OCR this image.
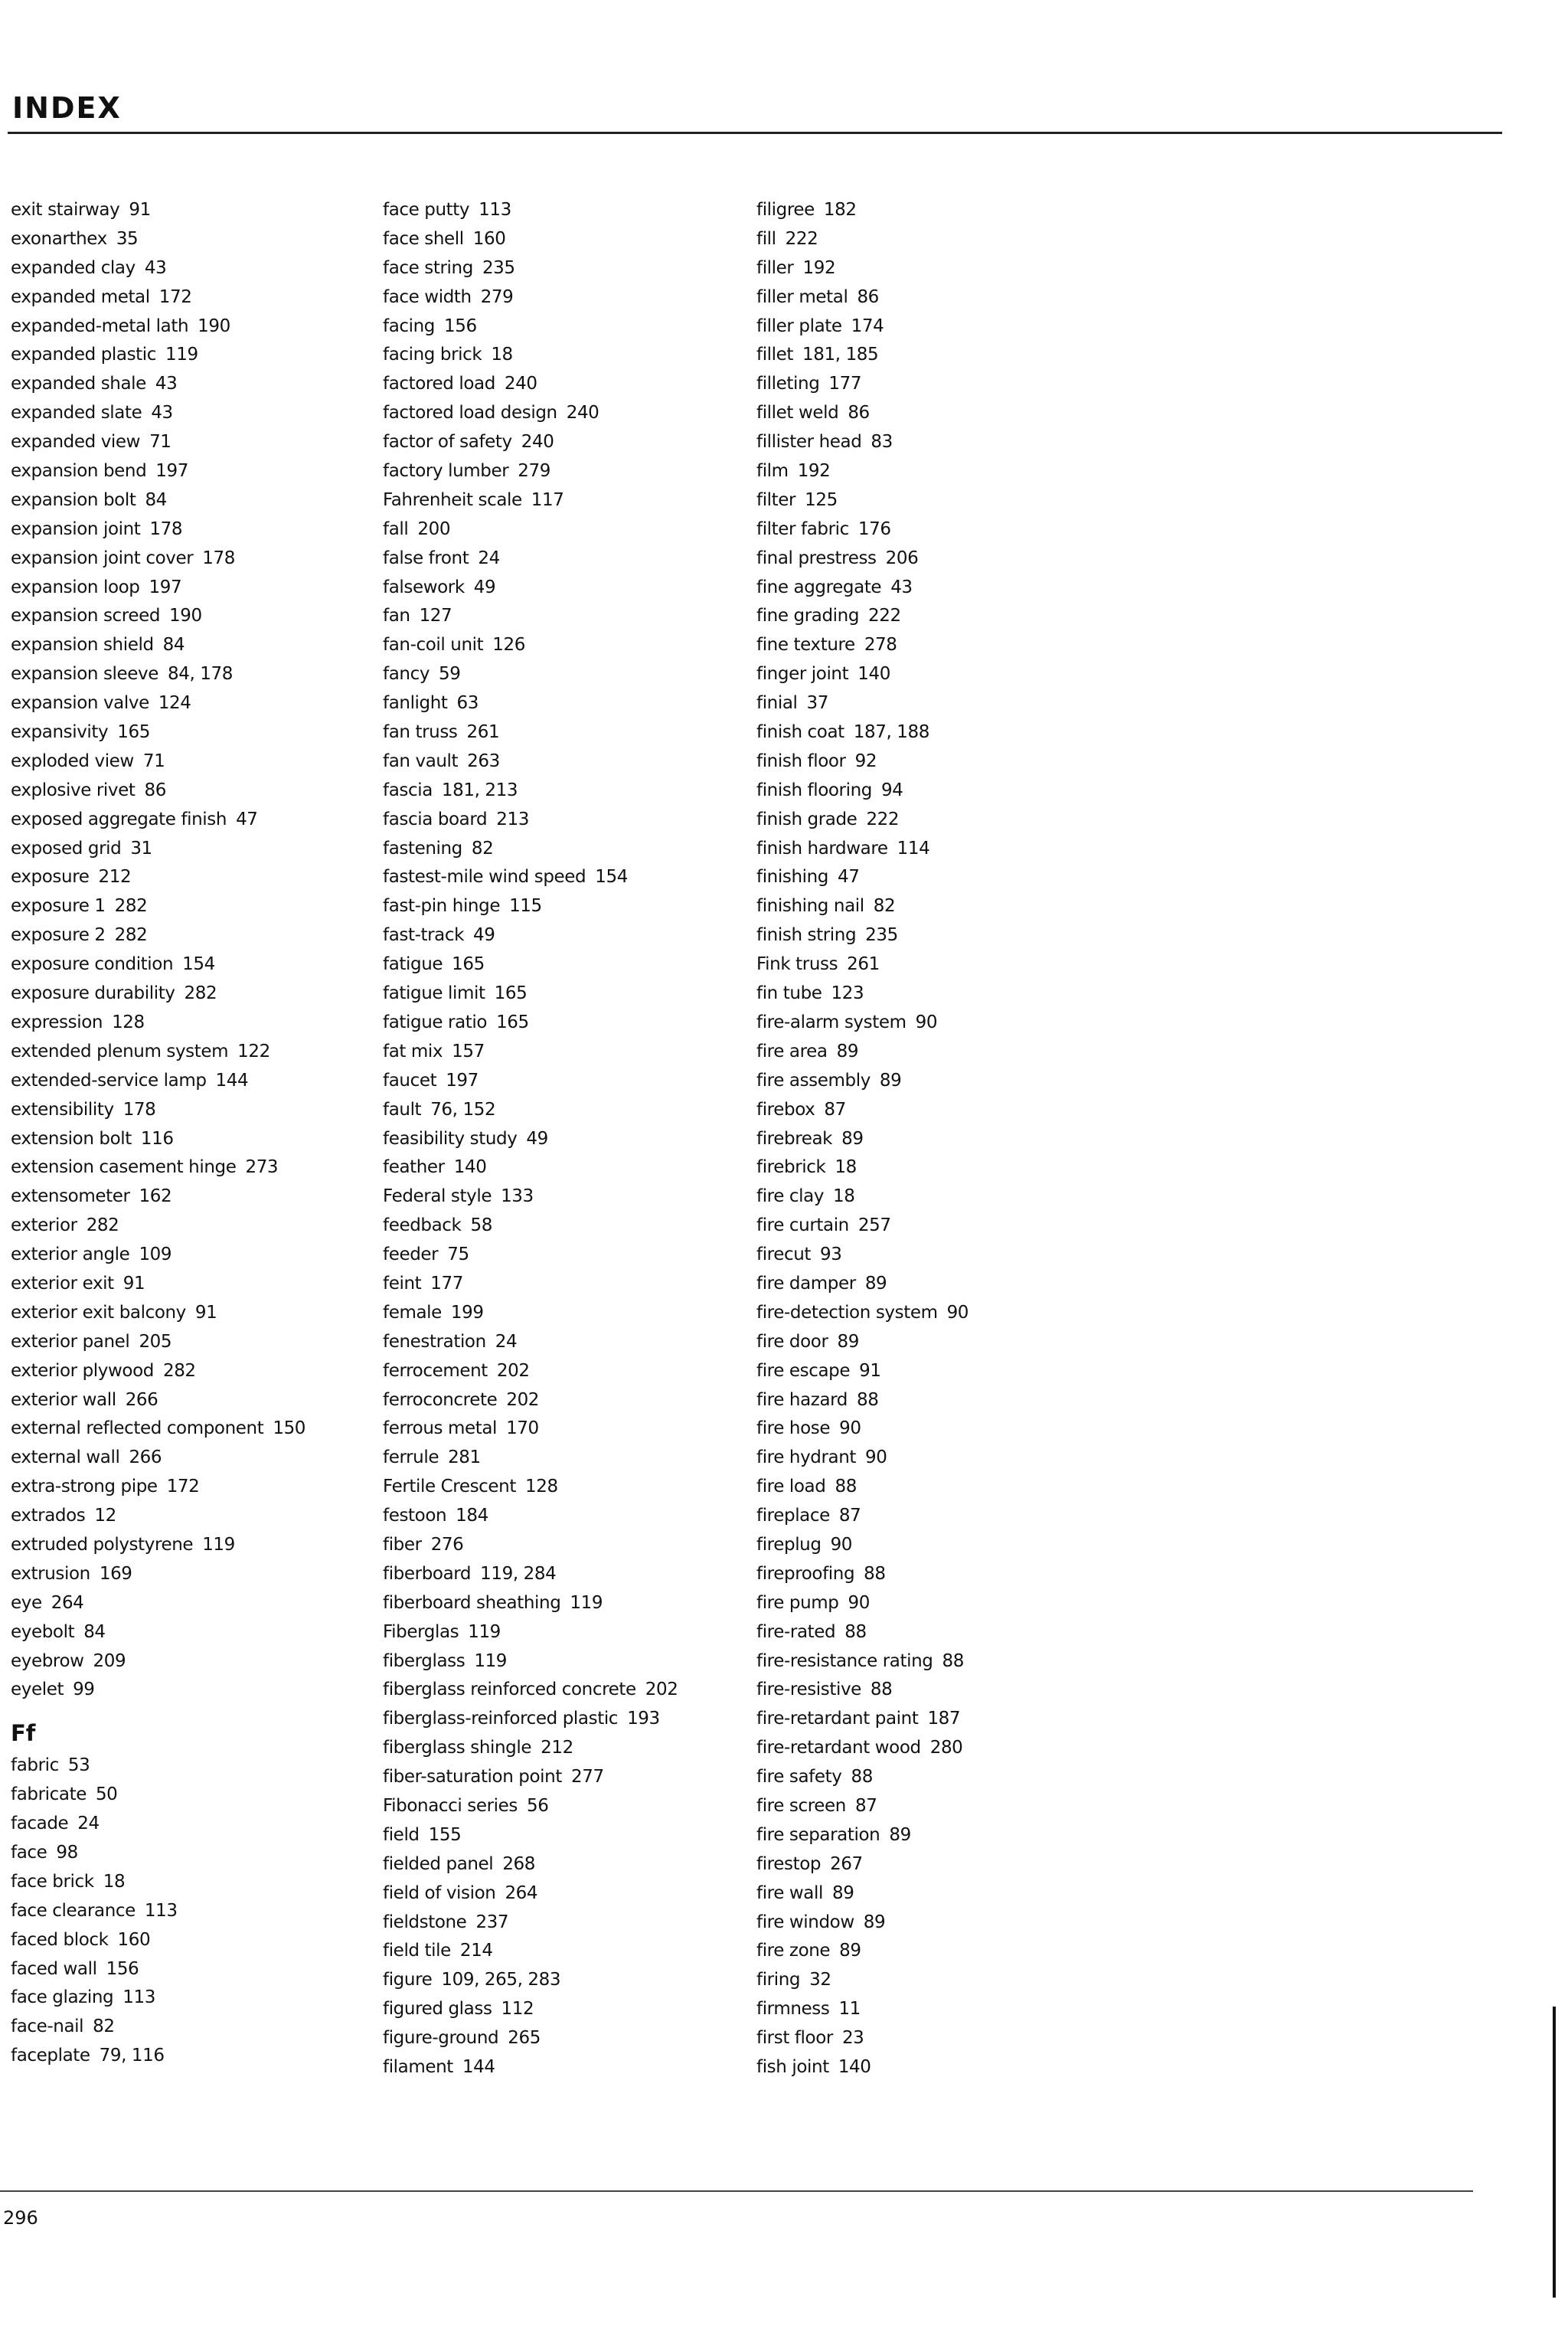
INDEX
exit stairway 91
exonarthex 35
expanded clay 43
expanded metal 172
expanded-metal lath 190
expanded plastic 119
expanded shale 43
expanded slate 43
expanded view 71
expansion bend 197
expansion bolt 84
expansion joint 178
expansion joint cover 178
expansion loop 197
expansion screed 190
expansion shield 84
expansion sleeve 84, 178
expansion valve 124
expansivity 165
exploded view 71
explosive rivet 86
exposed aggregate finish 47
exposed grid 31
exposure 212
exposure 1 282
exposure 2 282
exposure condition 154
exposure durability 282
expression 128
extended plenum system 122
extended-service lamp 144
extensibility 178
extension bolt 116
extension casement hinge 273
extensometer 162
exterior 282
exterior angle 109
exterior exit 91
exterior exit balcony 91
exterior panel 205
exterior plywood 282
exterior wall 266
external reflected component 150
external wall 266
extra-strong pipe 172
extrados 12
extruded polystyrene 119
extrusion 169
eye 264
eyebolt 84
eyebrow 209
eyelet 99
Ff
fabric 53
fabricate 50
facade 24
face 98
face brick 18
face clearance 113
faced block 160
faced wall 156
face glazing 113
face-nail 82
faceplate 79, 116
face putty 113
face shell 160
face string 235
face width 279
facing 156
facing brick 18
factored load 240
factored load design 240
factor of safety 240
factory lumber 279
Fahrenheit scale 117
fall 200
false front 24
falsework 49
fan 127
fan-coil unit 126
fancy 59
fanlight 63
fan truss 261
fan vault 263
fascia 181, 213
fascia board 213
fastening 82
fastest-mile wind speed 154
fast-pin hinge 115
fast-track 49
fatigue 165
fatigue limit 165
fatigue ratio 165
fat mix 157
faucet 197
fault 76, 152
feasibility study 49
feather 140
Federal style 133
feedback 58
feeder 75
feint 177
female 199
fenestration 24
ferrocement 202
ferroconcrete 202
ferrous metal 170
ferrule 281
Fertile Crescent 128
festoon 184
fiber 276
fiberboard 119, 284
fiberboard sheathing 119
Fiberglas 119
fiberglass 119
fiberglass reinforced concrete 202
fiberglass-reinforced plastic 193
fiberglass shingle 212
fiber-saturation point 277
Fibonacci series 56
field 155
fielded panel 268
field of vision 264
fieldstone 237
field tile 214
figure 109, 265, 283
figured glass 112
figure-ground 265
filament 144
filigree 182
fill 222
filler 192
filler metal 86
filler plate 174
fillet 181, 185
filleting 177
fillet weld 86
fillister head 83
film 192
filter 125
filter fabric 176
final prestress 206
fine aggregate 43
fine grading 222
fine texture 278
finger joint 140
finial 37
finish coat 187, 188
finish floor 92
finish flooring 94
finish grade 222
finish hardware 114
finishing 47
finishing nail 82
finish string 235
Fink truss 261
fin tube 123
fire-alarm system 90
fire area 89
fire assembly 89
firebox 87
firebreak 89
firebrick 18
fire clay 18
fire curtain 257
firecut 93
fire damper 89
fire-detection system 90
fire door 89
fire escape 91
fire hazard 88
fire hose 90
fire hydrant 90
fire load 88
fireplace 87
fireplug 90
fireproofing 88
fire pump 90
fire-rated 88
fire-resistance rating 88
fire-resistive 88
fire-retardant paint 187
fire-retardant wood 280
fire safety 88
fire screen 87
fire separation 89
firestop 267
fire wall 89
fire window 89
fire zone 89
firing 32
firmness 11
first floor 23
fish joint 140
296
